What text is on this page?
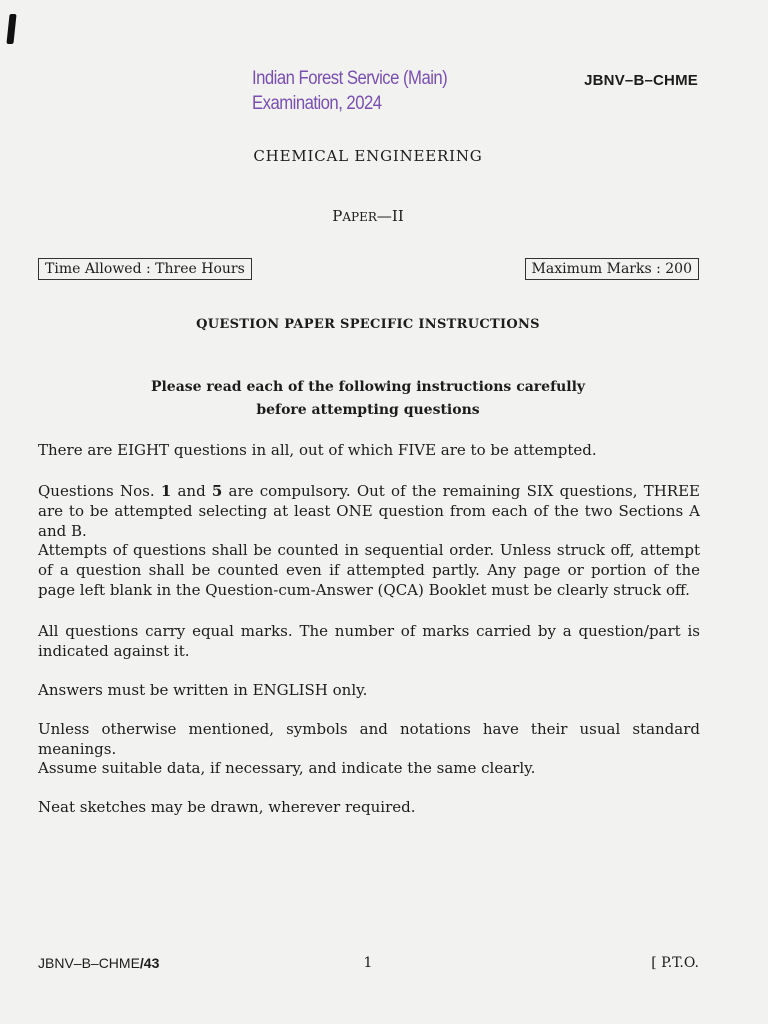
Indian Forest Service (Main)
Examination, 2024
JBNV–B–CHME
CHEMICAL ENGINEERING
PAPER—II
Time Allowed : Three Hours	Maximum Marks : 200
QUESTION PAPER SPECIFIC INSTRUCTIONS
Please read each of the following instructions carefully
before attempting questions
There are EIGHT questions in all, out of which FIVE are to be attempted.
Questions Nos. 1 and 5 are compulsory. Out of the remaining SIX questions, THREE are to be attempted selecting at least ONE question from each of the two Sections A and B.
Attempts of questions shall be counted in sequential order. Unless struck off, attempt of a question shall be counted even if attempted partly. Any page or portion of the page left blank in the Question-cum-Answer (QCA) Booklet must be clearly struck off.
All questions carry equal marks. The number of marks carried by a question/part is indicated against it.
Answers must be written in ENGLISH only.
Unless otherwise mentioned, symbols and notations have their usual standard meanings.
Assume suitable data, if necessary, and indicate the same clearly.
Neat sketches may be drawn, wherever required.
JBNV–B–CHME/43	1	[ P.T.O.
